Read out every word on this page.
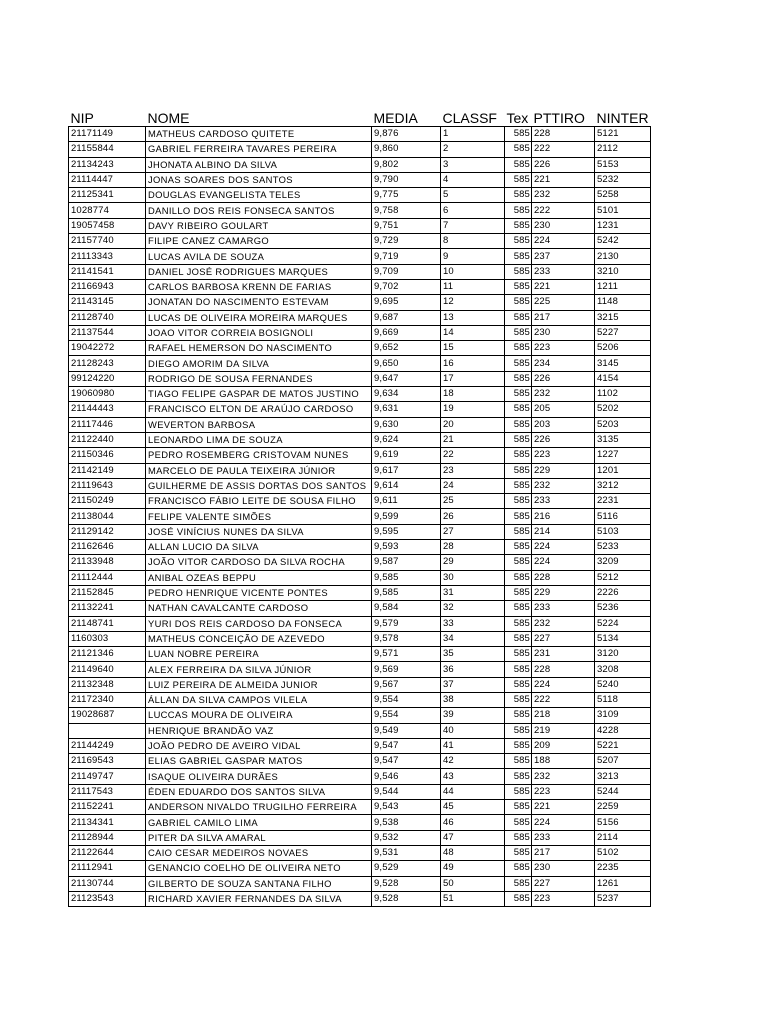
NIP	NOME	MEDIA	CLASSF	Tex	PTTIRO	NINTER
21171149	MATHEUS CARDOSO QUITETE	9,876	1	585	228	5121
21155844	GABRIEL FERREIRA TAVARES PEREIRA	9,860	2	585	222	2112
21134243	JHONATA ALBINO DA SILVA	9,802	3	585	226	5153
21114447	JONAS SOARES DOS SANTOS	9,790	4	585	221	5232
21125341	DOUGLAS EVANGELISTA TELES	9,775	5	585	232	5258
1028774	DANILLO DOS REIS FONSECA SANTOS	9,758	6	585	222	5101
19057458	DAVY RIBEIRO GOULART	9,751	7	585	230	1231
21157740	FILIPE CANEZ CAMARGO	9,729	8	585	224	5242
21113343	LUCAS AVILA DE SOUZA	9,719	9	585	237	2130
21141541	DANIEL JOSÉ RODRIGUES MARQUES	9,709	10	585	233	3210
21166943	CARLOS BARBOSA KRENN DE FARIAS	9,702	11	585	221	1211
21143145	JONATAN DO NASCIMENTO ESTEVAM	9,695	12	585	225	1148
21128740	LUCAS DE OLIVEIRA MOREIRA MARQUES	9,687	13	585	217	3215
21137544	JOAO VITOR CORREIA BOSIGNOLI	9,669	14	585	230	5227
19042272	RAFAEL HEMERSON DO NASCIMENTO	9,652	15	585	223	5206
21128243	DIEGO AMORIM DA SILVA	9,650	16	585	234	3145
99124220	RODRIGO DE SOUSA FERNANDES	9,647	17	585	226	4154
19060980	TIAGO FELIPE GASPAR DE MATOS JUSTINO	9,634	18	585	232	1102
21144443	FRANCISCO ELTON DE ARAÚJO CARDOSO	9,631	19	585	205	5202
21117446	WEVERTON BARBOSA	9,630	20	585	203	5203
21122440	LEONARDO LIMA DE SOUZA	9,624	21	585	226	3135
21150346	PEDRO ROSEMBERG CRISTOVAM NUNES	9,619	22	585	223	1227
21142149	MARCELO DE PAULA TEIXEIRA JÚNIOR	9,617	23	585	229	1201
21119643	GUILHERME DE ASSIS DORTAS DOS SANTOS	9,614	24	585	232	3212
21150249	FRANCISCO FÁBIO LEITE DE SOUSA FILHO	9,611	25	585	233	2231
21138044	FELIPE VALENTE SIMÕES	9,599	26	585	216	5116
21129142	JOSÉ VINÍCIUS NUNES DA SILVA	9,595	27	585	214	5103
21162646	ALLAN LUCIO DA SILVA	9,593	28	585	224	5233
21133948	JOÃO VITOR CARDOSO DA SILVA ROCHA	9,587	29	585	224	3209
21112444	ANIBAL OZEAS BEPPU	9,585	30	585	228	5212
21152845	PEDRO HENRIQUE VICENTE PONTES	9,585	31	585	229	2226
21132241	NATHAN CAVALCANTE CARDOSO	9,584	32	585	233	5236
21148741	YURI DOS REIS CARDOSO DA FONSECA	9,579	33	585	232	5224
1160303	MATHEUS CONCEIÇÃO DE AZEVEDO	9,578	34	585	227	5134
21121346	LUAN NOBRE PEREIRA	9,571	35	585	231	3120
21149640	ALEX FERREIRA DA SILVA JÚNIOR	9,569	36	585	228	3208
21132348	LUIZ PEREIRA DE ALMEIDA JUNIOR	9,567	37	585	224	5240
21172340	ÁLLAN DA SILVA CAMPOS VILELA	9,554	38	585	222	5118
19028687	LUCCAS MOURA DE OLIVEIRA	9,554	39	585	218	3109
	HENRIQUE BRANDÃO VAZ	9,549	40	585	219	4228
21144249	JOÃO PEDRO DE AVEIRO VIDAL	9,547	41	585	209	5221
21169543	ELIAS GABRIEL GASPAR MATOS	9,547	42	585	188	5207
21149747	ISAQUE OLIVEIRA DURÃES	9,546	43	585	232	3213
21117543	ÉDEN EDUARDO DOS SANTOS SILVA	9,544	44	585	223	5244
21152241	ANDERSON NIVALDO TRUGILHO FERREIRA	9,543	45	585	221	2259
21134341	GABRIEL CAMILO LIMA	9,538	46	585	224	5156
21128944	PITER DA SILVA AMARAL	9,532	47	585	233	2114
21122644	CAIO CESAR MEDEIROS NOVAES	9,531	48	585	217	5102
21112941	GENANCIO COELHO DE OLIVEIRA NETO	9,529	49	585	230	2235
21130744	GILBERTO DE SOUZA SANTANA FILHO	9,528	50	585	227	1261
21123543	RICHARD XAVIER FERNANDES DA SILVA	9,528	51	585	223	5237
